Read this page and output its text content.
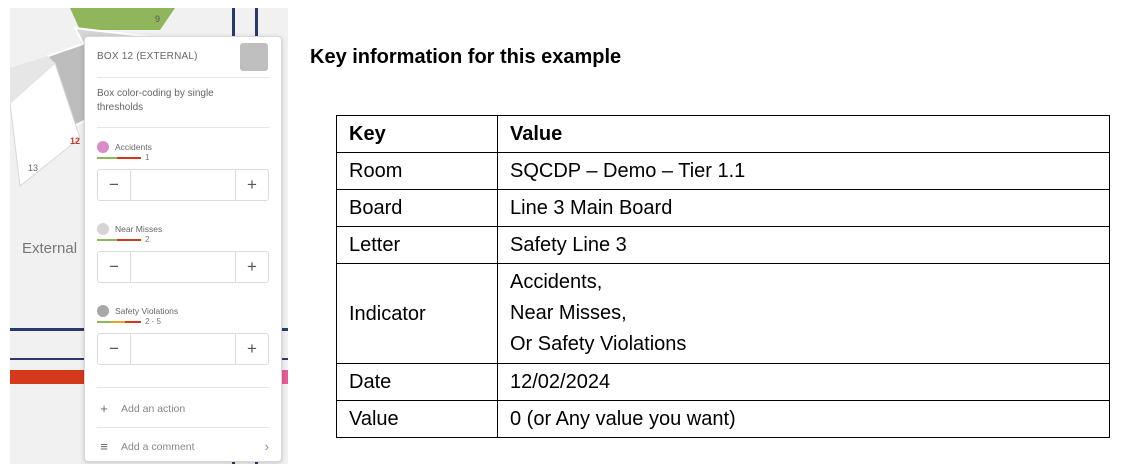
9
12
13
External
BOX 12 (EXTERNAL)
Box color-coding by single thresholds
Accidents
1
−	+
Near Misses
2
−	+
Safety Violations
2 - 5
−	+
+	Add an action
≡	Add a comment	›
Key information for this example
Key	Value
Room	SQCDP – Demo – Tier 1.1
Board	Line 3 Main Board
Letter	Safety Line 3
Indicator	Accidents,
Near Misses,
Or Safety Violations

Date	12/02/2024
Value	0 (or Any value you want)
